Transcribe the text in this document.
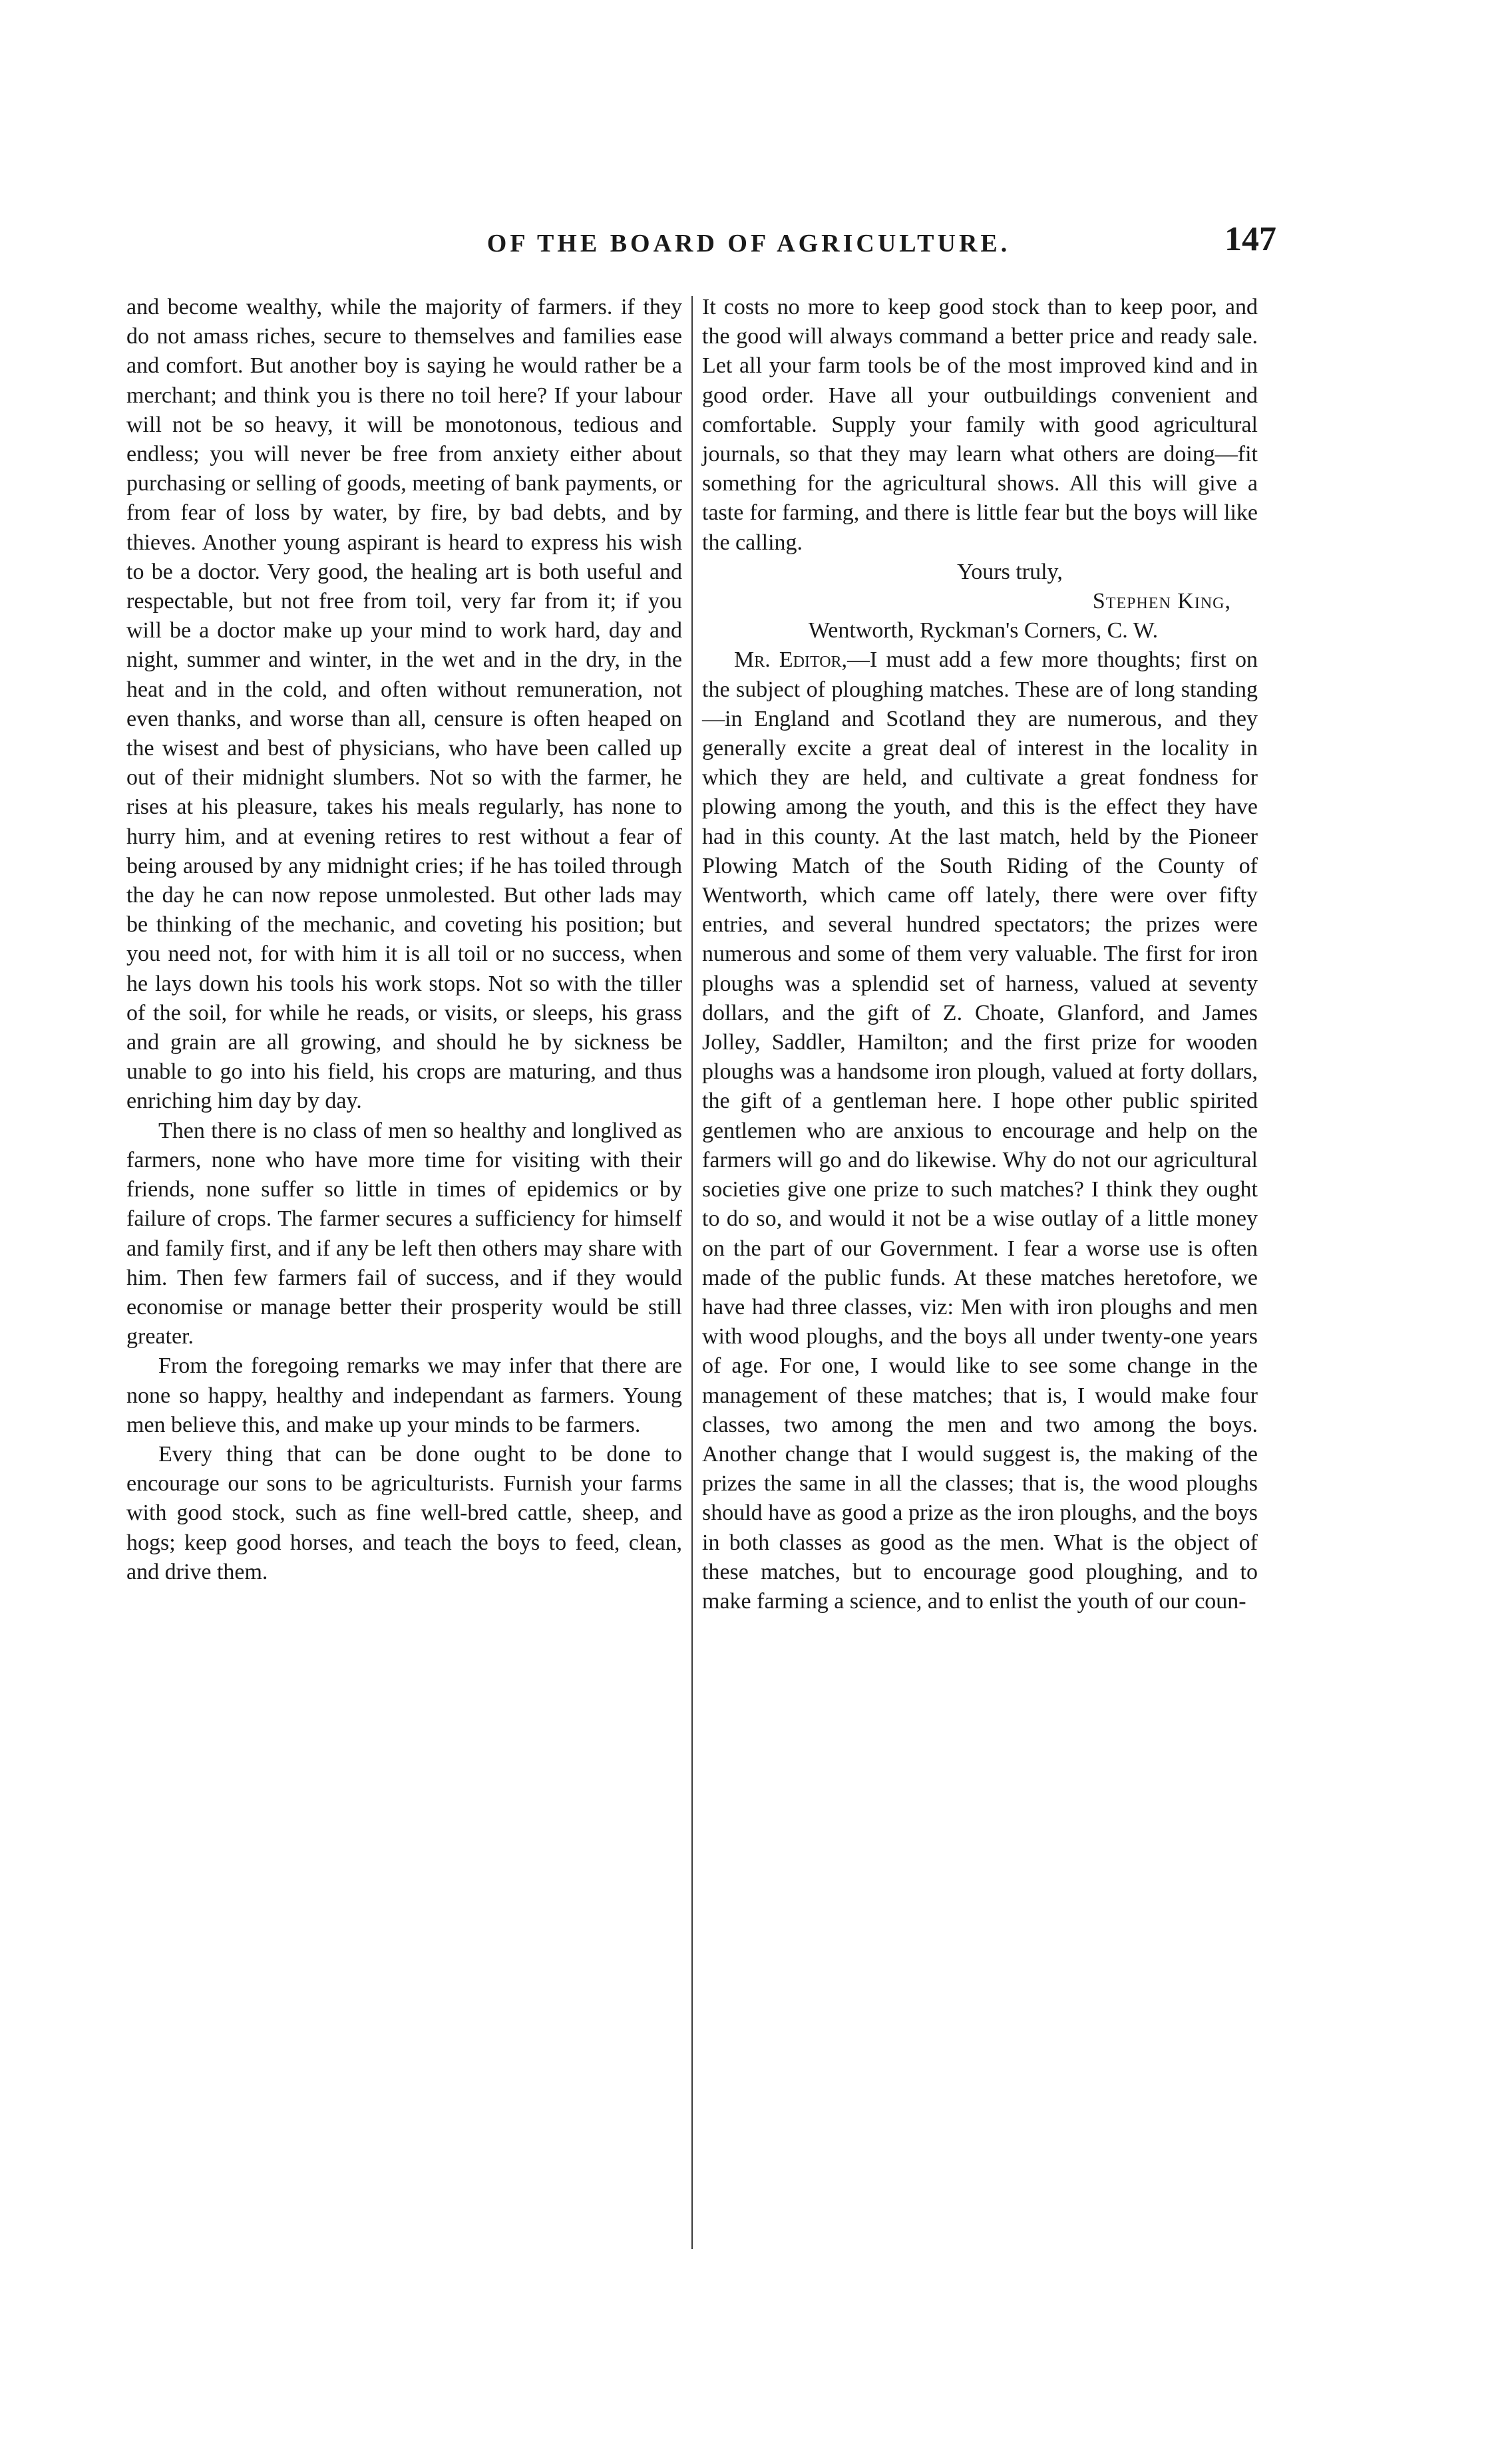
OF THE BOARD OF AGRICULTURE.	147

and become wealthy, while the majority of farmers. if they do not amass riches, secure to themselves and families ease and comfort. But another boy is saying he would rather be a merchant; and think you is there no toil here? If your labour will not be so heavy, it will be monotonous, tedious and endless; you will never be free from anxiety either about purchasing or selling of goods, meeting of bank payments, or from fear of loss by water, by fire, by bad debts, and by thieves. Another young aspirant is heard to express his wish to be a doctor. Very good, the healing art is both useful and respectable, but not free from toil, very far from it; if you will be a doctor make up your mind to work hard, day and night, summer and winter, in the wet and in the dry, in the heat and in the cold, and often without remuneration, not even thanks, and worse than all, censure is often heaped on the wisest and best of physicians, who have been called up out of their midnight slumbers. Not so with the farmer, he rises at his pleasure, takes his meals regularly, has none to hurry him, and at evening retires to rest without a fear of being aroused by any midnight cries; if he has toiled through the day he can now repose unmolested. But other lads may be thinking of the mechanic, and coveting his position; but you need not, for with him it is all toil or no success, when he lays down his tools his work stops. Not so with the tiller of the soil, for while he reads, or visits, or sleeps, his grass and grain are all growing, and should he by sickness be unable to go into his field, his crops are maturing, and thus enriching him day by day.

Then there is no class of men so healthy and longlived as farmers, none who have more time for visiting with their friends, none suffer so little in times of epidemics or by failure of crops. The farmer secures a sufficiency for himself and family first, and if any be left then others may share with him. Then few farmers fail of success, and if they would economise or manage better their prosperity would be still greater.

From the foregoing remarks we may infer that there are none so happy, healthy and independant as farmers. Young men believe this, and make up your minds to be farmers.

Every thing that can be done ought to be done to encourage our sons to be agriculturists. Furnish your farms with good stock, such as fine well-bred cattle, sheep, and hogs; keep good horses, and teach the boys to feed, clean, and drive them.

It costs no more to keep good stock than to keep poor, and the good will always command a better price and ready sale. Let all your farm tools be of the most improved kind and in good order. Have all your outbuildings convenient and comfortable. Supply your family with good agricultural journals, so that they may learn what others are doing—fit something for the agricultural shows. All this will give a taste for farming, and there is little fear but the boys will like the calling.

Yours truly,

Stephen King,

Wentworth, Ryckman's Corners, C. W.

Mr. Editor,—I must add a few more thoughts; first on the subject of ploughing matches. These are of long standing—in England and Scotland they are numerous, and they generally excite a great deal of interest in the locality in which they are held, and cultivate a great fondness for plowing among the youth, and this is the effect they have had in this county. At the last match, held by the Pioneer Plowing Match of the South Riding of the County of Wentworth, which came off lately, there were over fifty entries, and several hundred spectators; the prizes were numerous and some of them very valuable. The first for iron ploughs was a splendid set of harness, valued at seventy dollars, and the gift of Z. Choate, Glanford, and James Jolley, Saddler, Hamilton; and the first prize for wooden ploughs was a handsome iron plough, valued at forty dollars, the gift of a gentleman here. I hope other public spirited gentlemen who are anxious to encourage and help on the farmers will go and do likewise. Why do not our agricultural societies give one prize to such matches? I think they ought to do so, and would it not be a wise outlay of a little money on the part of our Government. I fear a worse use is often made of the public funds. At these matches heretofore, we have had three classes, viz: Men with iron ploughs and men with wood ploughs, and the boys all under twenty-one years of age. For one, I would like to see some change in the management of these matches; that is, I would make four classes, two among the men and two among the boys. Another change that I would suggest is, the making of the prizes the same in all the classes; that is, the wood ploughs should have as good a prize as the iron ploughs, and the boys in both classes as good as the men. What is the object of these matches, but to encourage good ploughing, and to make farming a science, and to enlist the youth of our coun-
